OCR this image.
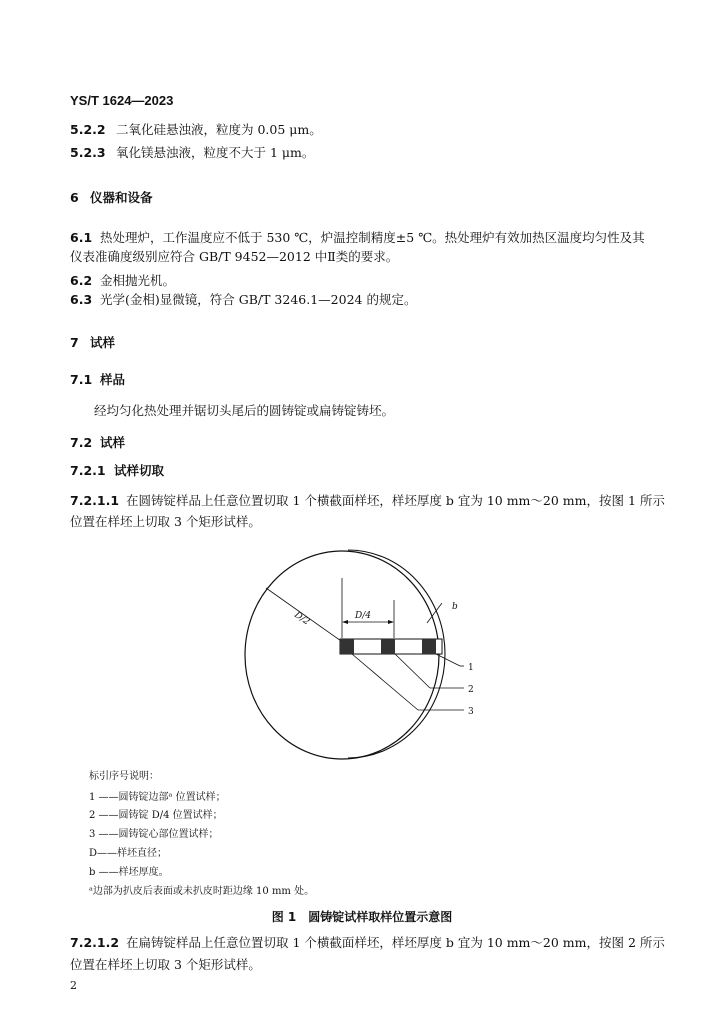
YS/T 1624—2023
5.2.2 二氧化硅悬浊液，粒度为 0.05 μm。
5.2.3 氧化镁悬浊液，粒度不大于 1 μm。
6 仪器和设备
6.1 热处理炉，工作温度应不低于 530 ℃，炉温控制精度±5 ℃。热处理炉有效加热区温度均匀性及其
仪表准确度级别应符合 GB/T 9452—2012 中Ⅱ类的要求。
6.2 金相抛光机。
6.3 光学(金相)显微镜，符合 GB/T 3246.1—2024 的规定。
7 试样
7.1 样品
经均匀化热处理并锯切头尾后的圆铸锭或扁铸锭铸坯。
7.2 试样
7.2.1 试样切取
7.2.1.1 在圆铸锭样品上任意位置切取 1 个横截面样坯，样坯厚度 b 宜为 10 mm～20 mm，按图 1 所示
位置在样坯上切取 3 个矩形试样。
D/4
D/2
b
1
2
3
标引序号说明：
1 ——圆铸锭边部ᵃ 位置试样；
2 ——圆铸锭 D/4 位置试样；
3 ——圆铸锭心部位置试样；
D——样坯直径；
b ——样坯厚度。
ᵃ边部为扒皮后表面或未扒皮时距边缘 10 mm 处。
图 1　圆铸锭试样取样位置示意图
7.2.1.2 在扁铸锭样品上任意位置切取 1 个横截面样坯，样坯厚度 b 宜为 10 mm～20 mm，按图 2 所示
位置在样坯上切取 3 个矩形试样。
2
